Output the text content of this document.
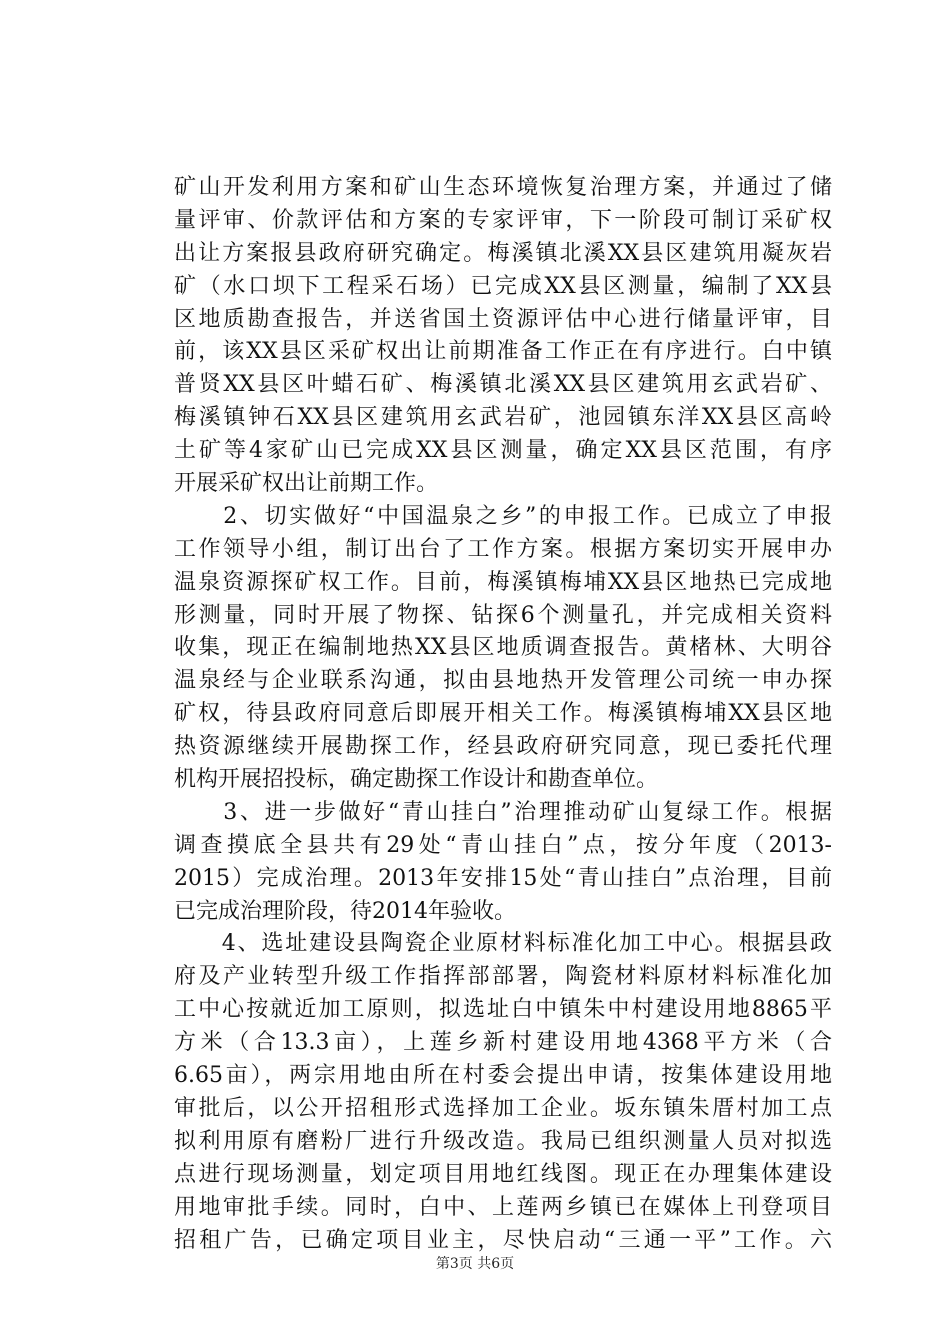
矿山开发利用方案和矿山生态环境恢复治理方案，并通过了储
量评审、价款评估和方案的专家评审，下一阶段可制订采矿权
出让方案报县政府研究确定。梅溪镇北溪XX县区建筑用凝灰岩
矿（水口坝下工程采石场）已完成XX县区测量，编制了XX县
区地质勘查报告，并送省国土资源评估中心进行储量评审，目
前，该XX县区采矿权出让前期准备工作正在有序进行。白中镇
普贤XX县区叶蜡石矿、梅溪镇北溪XX县区建筑用玄武岩矿、
梅溪镇钟石XX县区建筑用玄武岩矿，池园镇东洋XX县区高岭
土矿等4家矿山已完成XX县区测量，确定XX县区范围，有序
开展采矿权出让前期工作。
　　2、切实做好“中国温泉之乡”的申报工作。已成立了申报
工作领导小组，制订出台了工作方案。根据方案切实开展申办
温泉资源探矿权工作。目前，梅溪镇梅埔XX县区地热已完成地
形测量，同时开展了物探、钻探6个测量孔，并完成相关资料
收集，现正在编制地热XX县区地质调查报告。黄楮林、大明谷
温泉经与企业联系沟通，拟由县地热开发管理公司统一申办探
矿权，待县政府同意后即展开相关工作。梅溪镇梅埔XX县区地
热资源继续开展勘探工作，经县政府研究同意，现已委托代理
机构开展招投标，确定勘探工作设计和勘查单位。
　　3、进一步做好“青山挂白”治理推动矿山复绿工作。根据
调查摸底全县共有29处“青山挂白”点，按分年度（2013-
2015）完成治理。2013年安排15处“青山挂白”点治理，目前
已完成治理阶段，待2014年验收。
　　4、选址建设县陶瓷企业原材料标准化加工中心。根据县政
府及产业转型升级工作指挥部部署，陶瓷材料原材料标准化加
工中心按就近加工原则，拟选址白中镇朱中村建设用地8865平
方米（合13.3亩），上莲乡新村建设用地4368平方米（合
6.65亩），两宗用地由所在村委会提出申请，按集体建设用地
审批后，以公开招租形式选择加工企业。坂东镇朱厝村加工点
拟利用原有磨粉厂进行升级改造。我局已组织测量人员对拟选
点进行现场测量，划定项目用地红线图。现正在办理集体建设
用地审批手续。同时，白中、上莲两乡镇已在媒体上刊登项目
招租广告，已确定项目业主，尽快启动“三通一平”工作。六
第3页 共6页
